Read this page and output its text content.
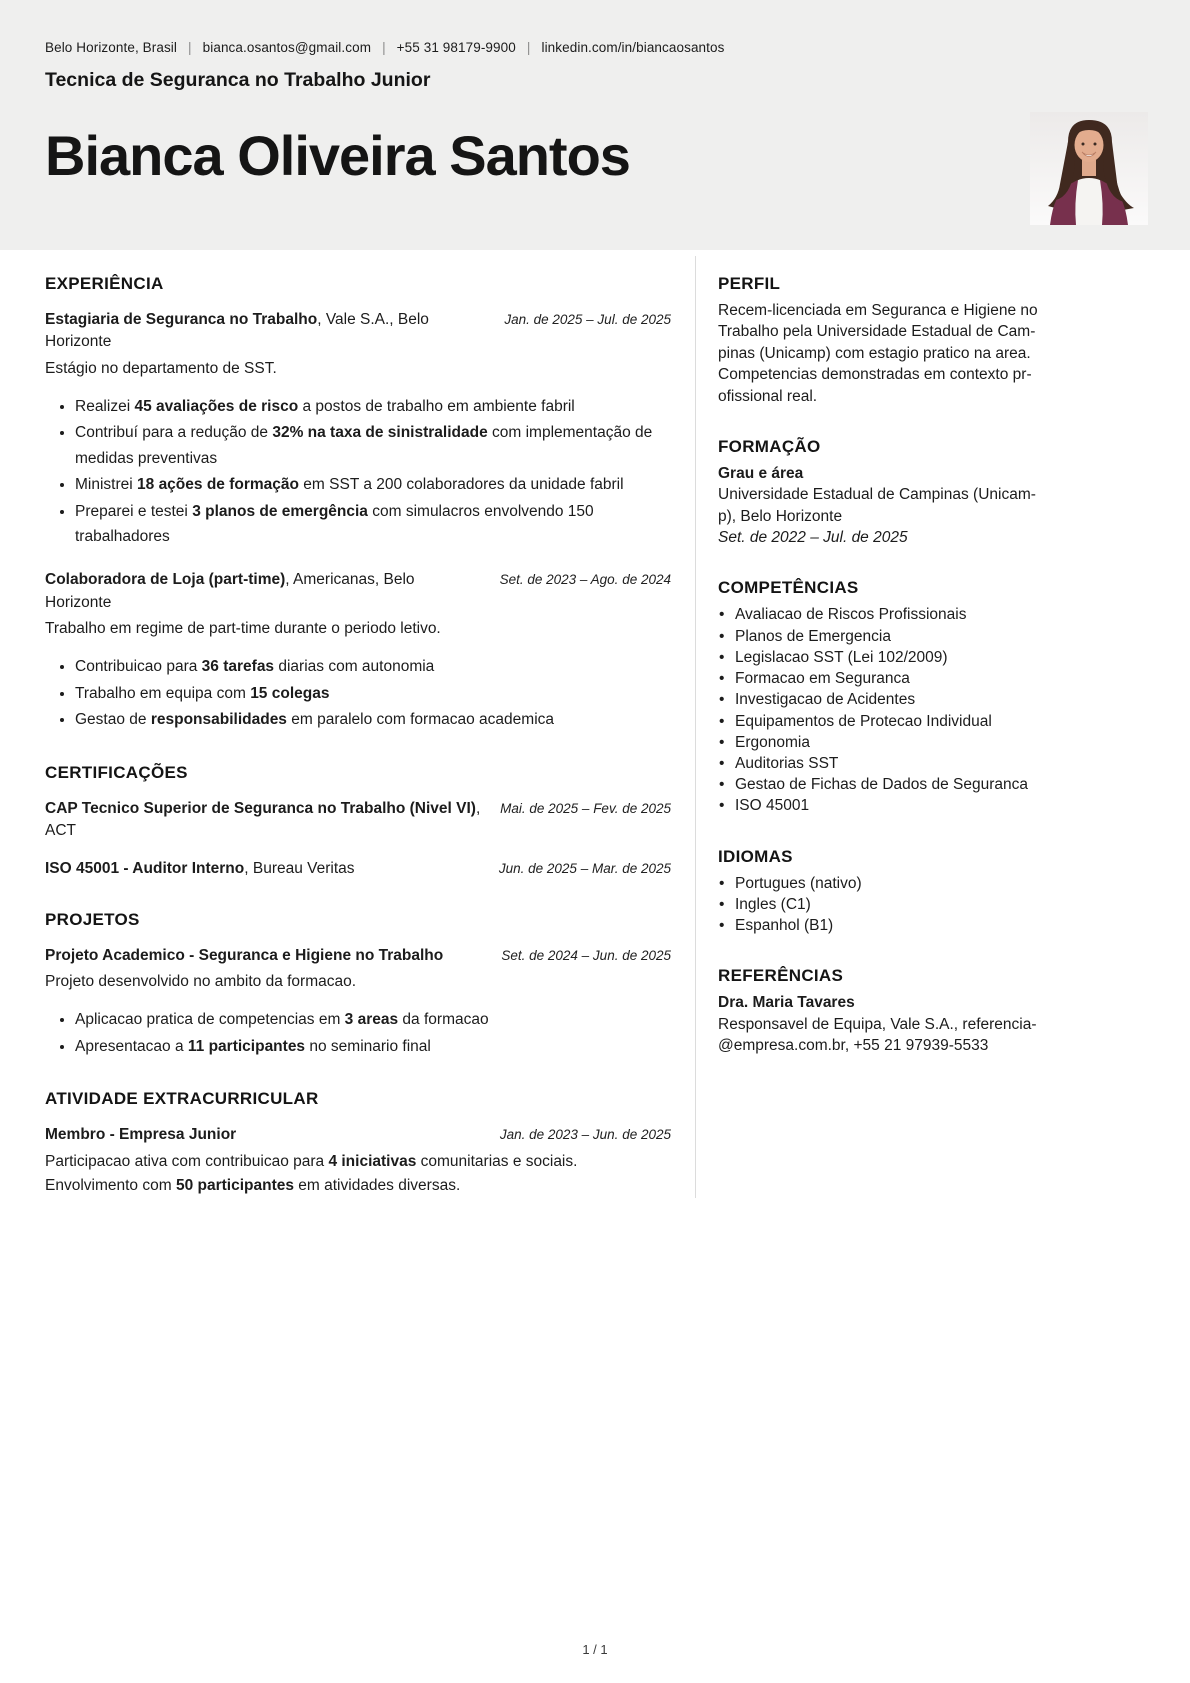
Belo Horizonte, Brasil | bianca.osantos@gmail.com | +55 31 98179-9900 | linkedin.com/in/biancaosantos
Tecnica de Seguranca no Trabalho Junior
Bianca Oliveira Santos
EXPERIÊNCIA
Estagiaria de Seguranca no Trabalho, Vale S.A., Belo Horizonte
Jan. de 2025 – Jul. de 2025
Estágio no departamento de SST.
• Realizei 45 avaliações de risco a postos de trabalho em ambiente fabril
• Contribuí para a redução de 32% na taxa de sinistralidade com implementação de medidas preventivas
• Ministrei 18 ações de formação em SST a 200 colaboradores da unidade fabril
• Preparei e testei 3 planos de emergência com simulacros envolvendo 150 trabalhadores
Colaboradora de Loja (part-time), Americanas, Belo Horizonte
Set. de 2023 – Ago. de 2024
Trabalho em regime de part-time durante o periodo letivo.
• Contribuicao para 36 tarefas diarias com autonomia
• Trabalho em equipa com 15 colegas
• Gestao de responsabilidades em paralelo com formacao academica
CERTIFICAÇÕES
CAP Tecnico Superior de Seguranca no Trabalho (Nivel VI), ACT
Mai. de 2025 – Fev. de 2025
ISO 45001 - Auditor Interno, Bureau Veritas	Jun. de 2025 – Mar. de 2025
PROJETOS
Projeto Academico - Seguranca e Higiene no Trabalho	Set. de 2024 – Jun. de 2025
Projeto desenvolvido no ambito da formacao.
• Aplicacao pratica de competencias em 3 areas da formacao
• Apresentacao a 11 participantes no seminario final
ATIVIDADE EXTRACURRICULAR
Membro - Empresa Junior	Jan. de 2023 – Jun. de 2025
Participacao ativa com contribuicao para 4 iniciativas comunitarias e sociais. Envolvimento com 50 participantes em atividades diversas.
PERFIL

Recem-licenciada em Seguranca e Higiene no Trabalho pela Universidade Estadual de Campinas (Unicamp) com estagio pratico na area. Competencias demonstradas em contexto profissional real.

FORMAÇÃO

Grau e área

Universidade Estadual de Campinas (Unicamp), Belo Horizonte

Set. de 2022 – Jul. de 2025

COMPETÊNCIAS
• Avaliacao de Riscos Profissionais
• Planos de Emergencia
• Legislacao SST (Lei 102/2009)
• Formacao em Seguranca
• Investigacao de Acidentes
• Equipamentos de Protecao Individual
• Ergonomia
• Auditorias SST
• Gestao de Fichas de Dados de Seguranca
• ISO 45001
IDIOMAS
• Portugues (nativo)
• Ingles (C1)
• Espanhol (B1)
REFERÊNCIAS

Dra. Maria Tavares

Responsavel de Equipa, Vale S.A., referencia@empresa.com.br, +55 21 97939-5533

1 / 1
